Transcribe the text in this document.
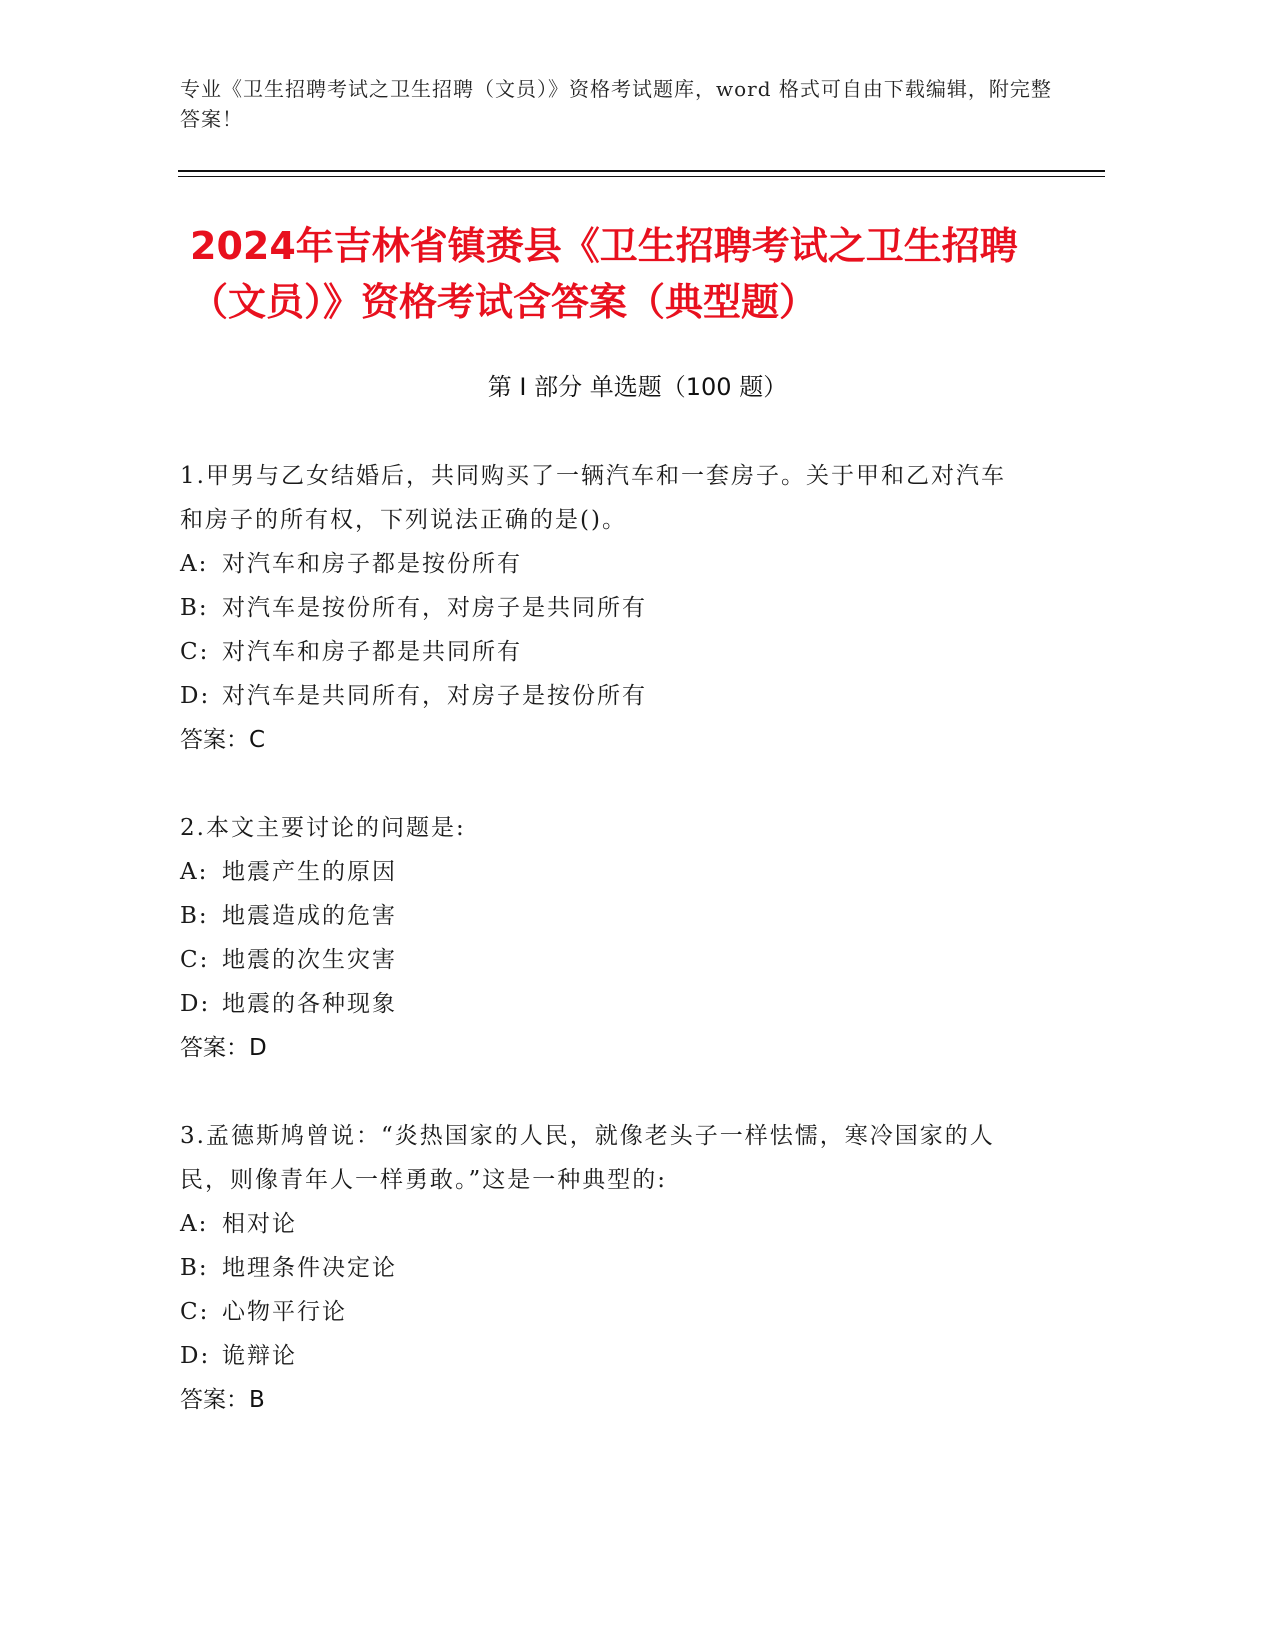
专业《卫生招聘考试之卫生招聘（文员）》资格考试题库，word 格式可自由下载编辑，附完整答案！
2024年吉林省镇赉县《卫生招聘考试之卫生招聘（文员）》资格考试含答案（典型题）
第 I 部分 单选题（100 题）
1.甲男与乙女结婚后，共同购买了一辆汽车和一套房子。关于甲和乙对汽车和房子的所有权，下列说法正确的是()。
A: 对汽车和房子都是按份所有
B: 对汽车是按份所有，对房子是共同所有
C: 对汽车和房子都是共同所有
D: 对汽车是共同所有，对房子是按份所有
答案：C
2.本文主要讨论的问题是:
A: 地震产生的原因
B: 地震造成的危害
C: 地震的次生灾害
D: 地震的各种现象
答案：D
3.孟德斯鸠曾说：“炎热国家的人民，就像老头子一样怯懦，寒冷国家的人民，则像青年人一样勇敢。”这是一种典型的:
A: 相对论
B: 地理条件决定论
C: 心物平行论
D: 诡辩论
答案：B
